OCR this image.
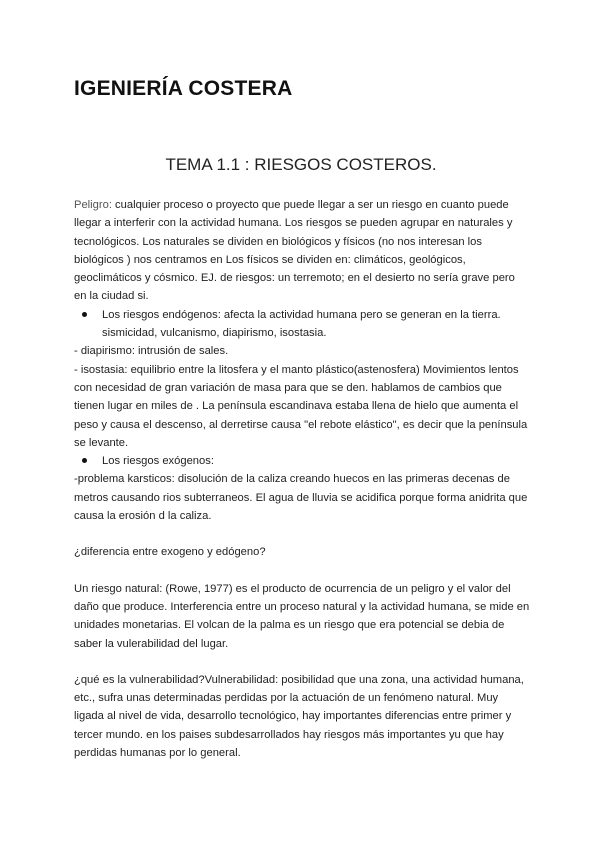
IGENIERÍA COSTERA
TEMA 1.1 : RIESGOS COSTEROS.

Peligro: cualquier proceso o proyecto que puede llegar a ser un riesgo en cuanto puede llegar a interferir con la actividad humana. Los riesgos se pueden agrupar en naturales y tecnológicos. Los naturales se dividen en biológicos y físicos (no nos interesan los biológicos ) nos centramos en Los físicos se dividen en: climáticos, geológicos, geoclimáticos y cósmico. EJ. de riesgos: un terremoto; en el desierto no sería grave pero en la ciudad si.

Los riesgos endógenos: afecta la actividad humana pero se generan en la tierra. sismicidad, vulcanismo, diapirismo, isostasia.

- diapirismo: intrusión de sales.

- isostasia: equilibrio entre la litosfera y el manto plástico(astenosfera) Movimientos lentos con necesidad de gran variación de masa para que se den. hablamos de cambios que tienen lugar en miles de . La península escandinava estaba llena de hielo que aumenta el peso y causa el descenso, al derretirse causa "el rebote elástico", es decir que la península se levante.

Los riesgos exógenos:

-problema karsticos: disolución de la caliza creando huecos en las primeras decenas de metros causando rios subterraneos. El agua de lluvia se acidifica porque forma anidrita que causa la erosión d la caliza.

¿diferencia entre exogeno y edógeno?

Un riesgo natural: (Rowe, 1977) es el producto de ocurrencia de un peligro y el valor del daño que produce. Interferencia entre un proceso natural y la actividad humana, se mide en unidades monetarias. El volcan de la palma es un riesgo que era potencial se debia de saber la vulerabilidad del lugar.

¿qué es la vulnerabilidad?Vulnerabilidad: posibilidad que una zona, una actividad humana, etc., sufra unas determinadas perdidas por la actuación de un fenómeno natural. Muy ligada al nivel de vida, desarrollo tecnológico, hay importantes diferencias entre primer y tercer mundo. en los paises subdesarrollados hay riesgos más importantes yu que hay perdidas humanas por lo general.
